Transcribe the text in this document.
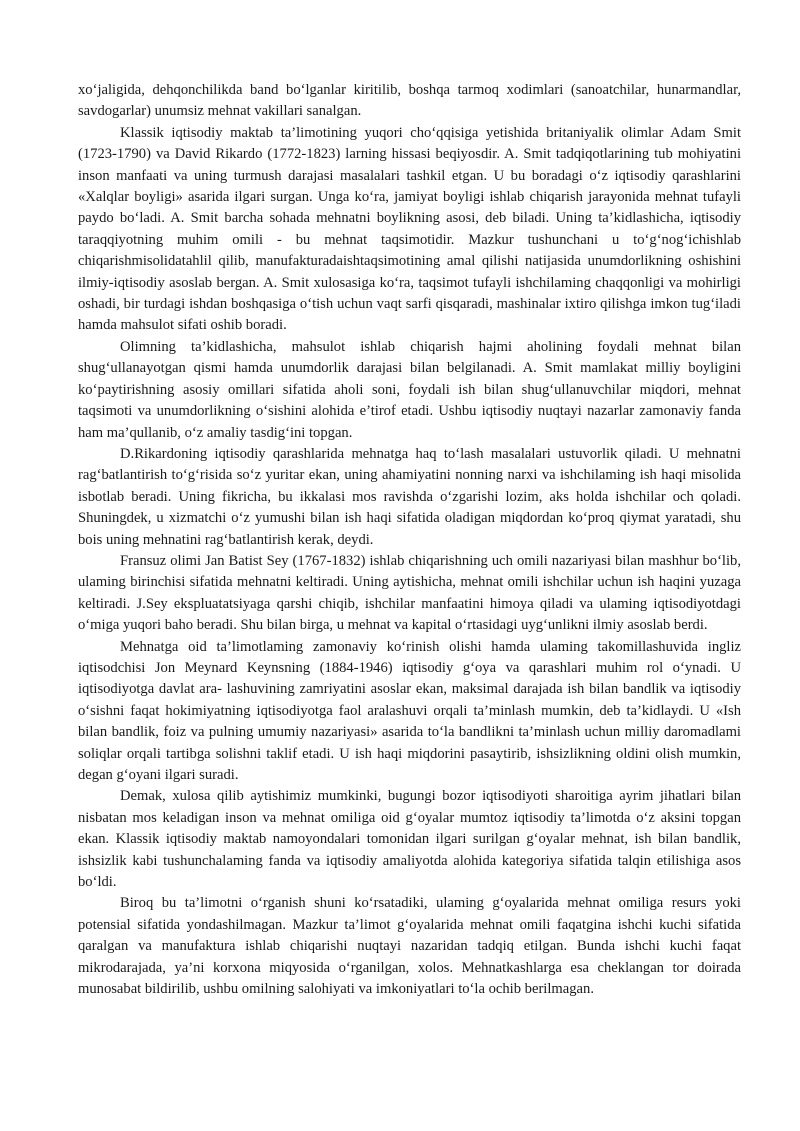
xo‘jaligida, dehqonchilikda band bo‘lganlar kiritilib, boshqa tarmoq xodimlari (sanoatchilar, hunarmandlar, savdogarlar) unumsiz mehnat vakillari sanalgan.

Klassik iqtisodiy maktab ta’limotining yuqori cho‘qqisiga yetishida britaniyalik olimlar Adam Smit (1723-1790) va David Rikardo (1772-1823) larning hissasi beqiyosdir. A. Smit tadqiqotlarining tub mohiyatini inson manfaati va uning turmush darajasi masalalari tashkil etgan. U bu boradagi o‘z iqtisodiy qarashlarini «Xalqlar boyligi» asarida ilgari surgan. Unga ko‘ra, jamiyat boyligi ishlab chiqarish jarayonida mehnat tufayli paydo bo‘ladi. A. Smit barcha sohada mehnatni boylikning asosi, deb biladi. Uning ta’kidlashicha, iqtisodiy taraqqiyotning muhim omili - bu mehnat taqsimotidir. Mazkur tushunchani u to‘g‘nog‘ichishlab chiqarishmisolidatahlil qilib, manufakturadaishtaqsimotining amal qilishi natijasida unumdorlikning oshishini ilmiy-iqtisodiy asoslab bergan. A. Smit xulosasiga ko‘ra, taqsimot tufayli ishchilaming chaqqonligi va mohirligi oshadi, bir turdagi ishdan boshqasiga o‘tish uchun vaqt sarfi qisqaradi, mashinalar ixtiro qilishga imkon tug‘iladi hamda mahsulot sifati oshib boradi.

Olimning ta’kidlashicha, mahsulot ishlab chiqarish hajmi aholining foydali mehnat bilan shug‘ullanayotgan qismi hamda unumdorlik darajasi bilan belgilanadi. A. Smit mamlakat milliy boyligini ko‘paytirishning asosiy omillari sifatida aholi soni, foydali ish bilan shug‘ullanuvchilar miqdori, mehnat taqsimoti va unumdorlikning o‘sishini alohida e’tirof etadi. Ushbu iqtisodiy nuqtayi nazarlar zamonaviy fanda ham ma’qullanib, o‘z amaliy tasdig‘ini topgan.

D.Rikardoning iqtisodiy qarashlarida mehnatga haq to‘lash masalalari ustuvorlik qiladi. U mehnatni rag‘batlantirish to‘g‘risida so‘z yuritar ekan, uning ahamiyatini nonning narxi va ishchilaming ish haqi misolida isbotlab beradi. Uning fikricha, bu ikkalasi mos ravishda o‘zgarishi lozim, aks holda ishchilar och qoladi. Shuningdek, u xizmatchi o‘z yumushi bilan ish haqi sifatida oladigan miqdordan ko‘proq qiymat yaratadi, shu bois uning mehnatini rag‘batlantirish kerak, deydi.

Fransuz olimi Jan Batist Sey (1767-1832) ishlab chiqarishning uch omili nazariyasi bilan mashhur bo‘lib, ulaming birinchisi sifatida mehnatni keltiradi. Uning aytishicha, mehnat omili ishchilar uchun ish haqini yuzaga keltiradi. J.Sey ekspluatatsiyaga qarshi chiqib, ishchilar manfaatini himoya qiladi va ulaming iqtisodiyotdagi o‘miga yuqori baho beradi. Shu bilan birga, u mehnat va kapital o‘rtasidagi uyg‘unlikni ilmiy asoslab berdi.

Mehnatga oid ta’limotlaming zamonaviy ko‘rinish olishi hamda ulaming takomillashuvida ingliz iqtisodchisi Jon Meynard Keynsning (1884-1946) iqtisodiy g‘oya va qarashlari muhim rol o‘ynadi. U iqtisodiyotga davlat ara- lashuvining zamriyatini asoslar ekan, maksimal darajada ish bilan bandlik va iqtisodiy o‘sishni faqat hokimiyatning iqtisodiyotga faol aralashuvi orqali ta’minlash mumkin, deb ta’kidlaydi. U «Ish bilan bandlik, foiz va pulning umumiy nazariyasi» asarida to‘la bandlikni ta’minlash uchun milliy daromadlami soliqlar orqali tartibga solishni taklif etadi. U ish haqi miqdorini pasaytirib, ishsizlikning oldini olish mumkin, degan g‘oyani ilgari suradi.

Demak, xulosa qilib aytishimiz mumkinki, bugungi bozor iqtisodiyoti sharoitiga ayrim jihatlari bilan nisbatan mos keladigan inson va mehnat omiliga oid g‘oyalar mumtoz iqtisodiy ta’limotda o‘z aksini topgan ekan. Klassik iqtisodiy maktab namoyondalari tomonidan ilgari surilgan g‘oyalar mehnat, ish bilan bandlik, ishsizlik kabi tushunchalaming fanda va iqtisodiy amaliyotda alohida kategoriya sifatida talqin etilishiga asos bo‘ldi.

Biroq bu ta’limotni o‘rganish shuni ko‘rsatadiki, ulaming g‘oyalarida mehnat omiliga resurs yoki potensial sifatida yondashilmagan. Mazkur ta’limot g‘oyalarida mehnat omili faqatgina ishchi kuchi sifatida qaralgan va manufaktura ishlab chiqarishi nuqtayi nazaridan tadqiq etilgan. Bunda ishchi kuchi faqat mikrodarajada, ya’ni korxona miqyosida o‘rganilgan, xolos. Mehnatkashlarga esa cheklangan tor doirada munosabat bildirilib, ushbu omilning salohiyati va imkoniyatlari to‘la ochib berilmagan.
